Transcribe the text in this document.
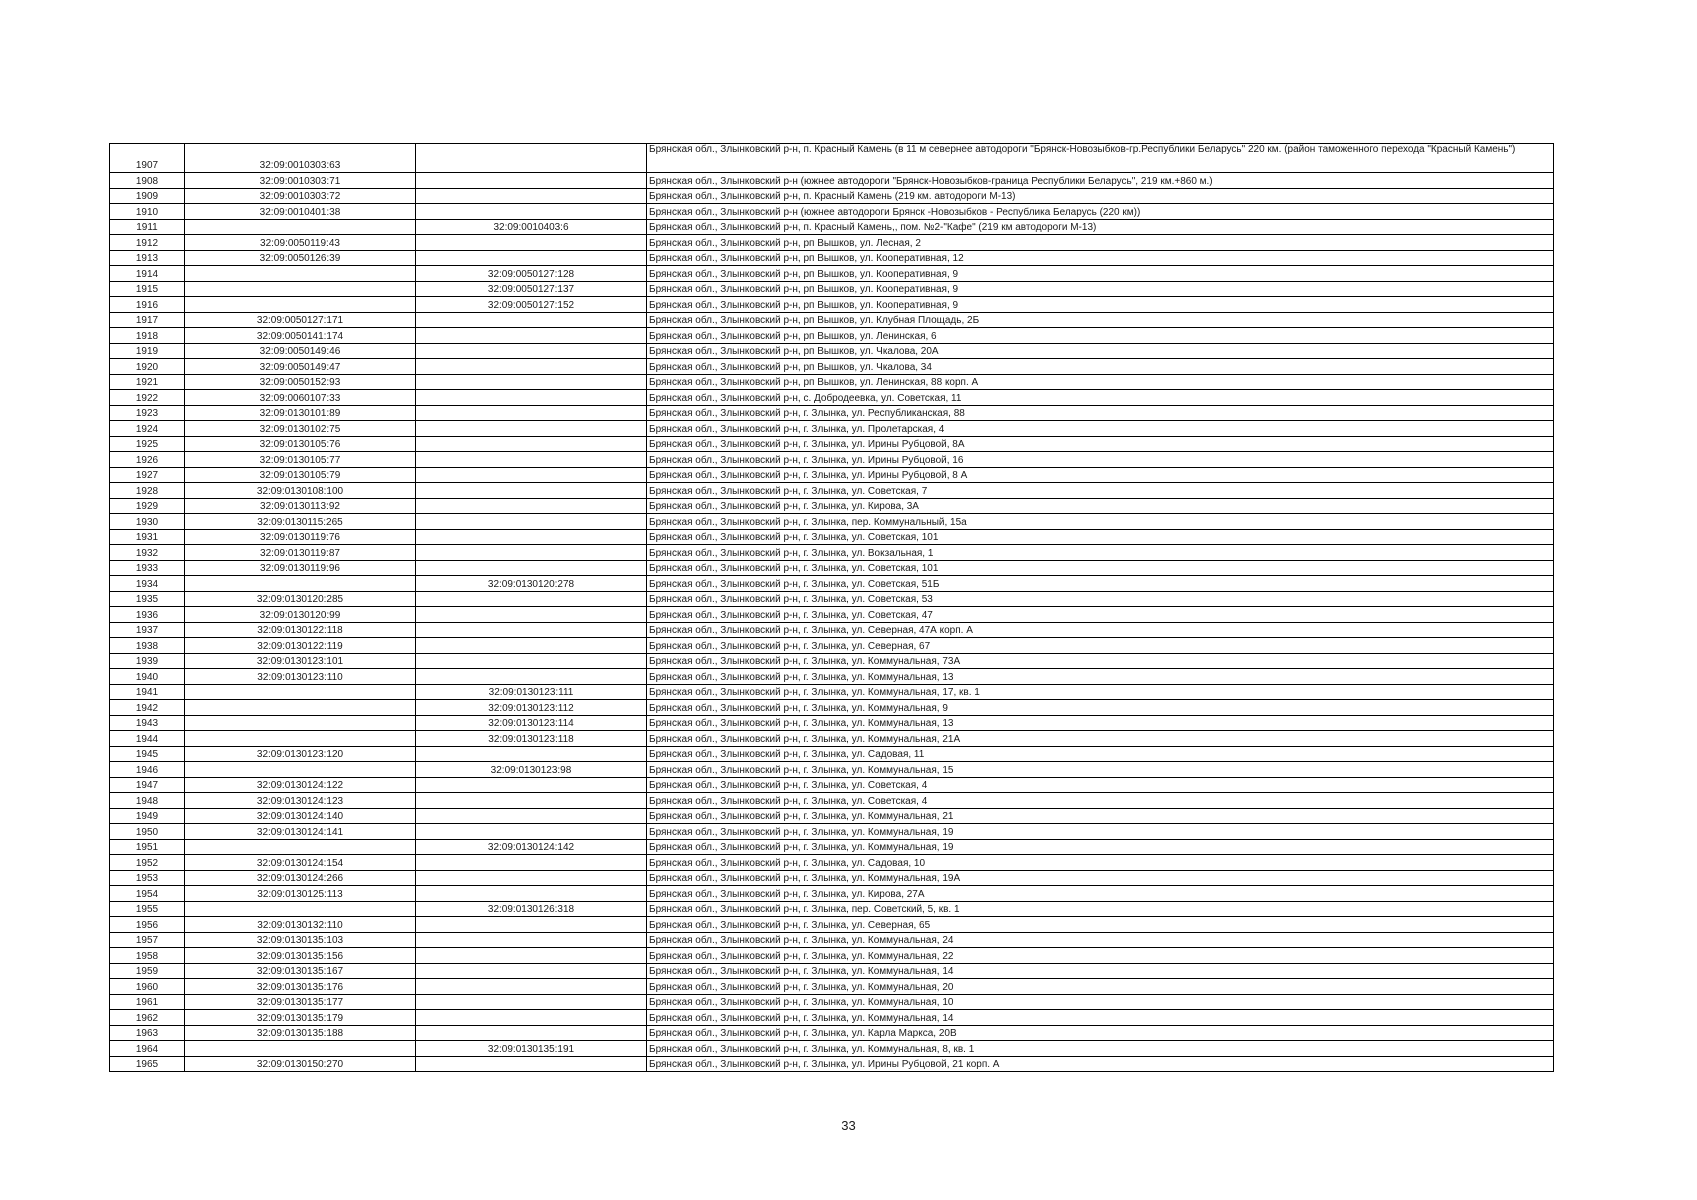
1907	32:09:0010303:63		Брянская обл., Злынковский р-н, п. Красный Камень (в 11 м севернее автодороги "Брянск-Новозыбков-гр.Республики Беларусь" 220 км. (район таможенного перехода "Красный Камень")
1908	32:09:0010303:71		Брянская обл., Злынковский р-н (южнее автодороги "Брянск-Новозыбков-граница Республики Беларусь", 219 км.+860 м.)
1909	32:09:0010303:72		Брянская обл., Злынковский р-н, п. Красный Камень (219 км. автодороги М-13)
1910	32:09:0010401:38		Брянская обл., Злынковский р-н (южнее автодороги Брянск -Новозыбков - Республика Беларусь (220 км))
1911		32:09:0010403:6	Брянская обл., Злынковский р-н, п. Красный Камень,, пом. №2-"Кафе" (219 км автодороги М-13)
1912	32:09:0050119:43		Брянская обл., Злынковский р-н, рп Вышков, ул. Лесная, 2
1913	32:09:0050126:39		Брянская обл., Злынковский р-н, рп Вышков, ул. Кооперативная, 12
1914		32:09:0050127:128	Брянская обл., Злынковский р-н, рп Вышков, ул. Кооперативная, 9
1915		32:09:0050127:137	Брянская обл., Злынковский р-н, рп Вышков, ул. Кооперативная, 9
1916		32:09:0050127:152	Брянская обл., Злынковский р-н, рп Вышков, ул. Кооперативная, 9
1917	32:09:0050127:171		Брянская обл., Злынковский р-н, рп Вышков, ул. Клубная Площадь, 2Б
1918	32:09:0050141:174		Брянская обл., Злынковский р-н, рп Вышков, ул. Ленинская, 6
1919	32:09:0050149:46		Брянская обл., Злынковский р-н, рп Вышков, ул. Чкалова, 20А
1920	32:09:0050149:47		Брянская обл., Злынковский р-н, рп Вышков, ул. Чкалова, 34
1921	32:09:0050152:93		Брянская обл., Злынковский р-н, рп Вышков, ул. Ленинская, 88 корп. А
1922	32:09:0060107:33		Брянская обл., Злынковский р-н, с. Добродеевка, ул. Советская, 11
1923	32:09:0130101:89		Брянская обл., Злынковский р-н, г. Злынка, ул. Республиканская, 88
1924	32:09:0130102:75		Брянская обл., Злынковский р-н, г. Злынка, ул. Пролетарская, 4
1925	32:09:0130105:76		Брянская обл., Злынковский р-н, г. Злынка, ул. Ирины Рубцовой, 8А
1926	32:09:0130105:77		Брянская обл., Злынковский р-н, г. Злынка, ул. Ирины Рубцовой, 16
1927	32:09:0130105:79		Брянская обл., Злынковский р-н, г. Злынка, ул. Ирины Рубцовой, 8 А
1928	32:09:0130108:100		Брянская обл., Злынковский р-н, г. Злынка, ул. Советская, 7
1929	32:09:0130113:92		Брянская обл., Злынковский р-н, г. Злынка, ул. Кирова, 3А
1930	32:09:0130115:265		Брянская обл., Злынковский р-н, г. Злынка, пер. Коммунальный, 15а
1931	32:09:0130119:76		Брянская обл., Злынковский р-н, г. Злынка, ул. Советская, 101
1932	32:09:0130119:87		Брянская обл., Злынковский р-н, г. Злынка, ул. Вокзальная, 1
1933	32:09:0130119:96		Брянская обл., Злынковский р-н, г. Злынка, ул. Советская, 101
1934		32:09:0130120:278	Брянская обл., Злынковский р-н, г. Злынка, ул. Советская, 51Б
1935	32:09:0130120:285		Брянская обл., Злынковский р-н, г. Злынка, ул. Советская, 53
1936	32:09:0130120:99		Брянская обл., Злынковский р-н, г. Злынка, ул. Советская, 47
1937	32:09:0130122:118		Брянская обл., Злынковский р-н, г. Злынка, ул. Северная, 47А корп. А
1938	32:09:0130122:119		Брянская обл., Злынковский р-н, г. Злынка, ул. Северная, 67
1939	32:09:0130123:101		Брянская обл., Злынковский р-н, г. Злынка, ул. Коммунальная, 73А
1940	32:09:0130123:110		Брянская обл., Злынковский р-н, г. Злынка, ул. Коммунальная, 13
1941		32:09:0130123:111	Брянская обл., Злынковский р-н, г. Злынка, ул. Коммунальная, 17, кв. 1
1942		32:09:0130123:112	Брянская обл., Злынковский р-н, г. Злынка, ул. Коммунальная, 9
1943		32:09:0130123:114	Брянская обл., Злынковский р-н, г. Злынка, ул. Коммунальная, 13
1944		32:09:0130123:118	Брянская обл., Злынковский р-н, г. Злынка, ул. Коммунальная, 21А
1945	32:09:0130123:120		Брянская обл., Злынковский р-н, г. Злынка, ул. Садовая, 11
1946		32:09:0130123:98	Брянская обл., Злынковский р-н, г. Злынка, ул. Коммунальная, 15
1947	32:09:0130124:122		Брянская обл., Злынковский р-н, г. Злынка, ул. Советская, 4
1948	32:09:0130124:123		Брянская обл., Злынковский р-н, г. Злынка, ул. Советская, 4
1949	32:09:0130124:140		Брянская обл., Злынковский р-н, г. Злынка, ул. Коммунальная, 21
1950	32:09:0130124:141		Брянская обл., Злынковский р-н, г. Злынка, ул. Коммунальная, 19
1951		32:09:0130124:142	Брянская обл., Злынковский р-н, г. Злынка, ул. Коммунальная, 19
1952	32:09:0130124:154		Брянская обл., Злынковский р-н, г. Злынка, ул. Садовая, 10
1953	32:09:0130124:266		Брянская обл., Злынковский р-н, г. Злынка, ул. Коммунальная, 19А
1954	32:09:0130125:113		Брянская обл., Злынковский р-н, г. Злынка, ул. Кирова, 27А
1955		32:09:0130126:318	Брянская обл., Злынковский р-н, г. Злынка, пер. Советский, 5, кв. 1
1956	32:09:0130132:110		Брянская обл., Злынковский р-н, г. Злынка, ул. Северная, 65
1957	32:09:0130135:103		Брянская обл., Злынковский р-н, г. Злынка, ул. Коммунальная, 24
1958	32:09:0130135:156		Брянская обл., Злынковский р-н, г. Злынка, ул. Коммунальная, 22
1959	32:09:0130135:167		Брянская обл., Злынковский р-н, г. Злынка, ул. Коммунальная, 14
1960	32:09:0130135:176		Брянская обл., Злынковский р-н, г. Злынка, ул. Коммунальная, 20
1961	32:09:0130135:177		Брянская обл., Злынковский р-н, г. Злынка, ул. Коммунальная, 10
1962	32:09:0130135:179		Брянская обл., Злынковский р-н, г. Злынка, ул. Коммунальная, 14
1963	32:09:0130135:188		Брянская обл., Злынковский р-н, г. Злынка, ул. Карла Маркса, 20В
1964		32:09:0130135:191	Брянская обл., Злынковский р-н, г. Злынка, ул. Коммунальная, 8, кв. 1
1965	32:09:0130150:270		Брянская обл., Злынковский р-н, г. Злынка, ул. Ирины Рубцовой, 21 корп. А
33
